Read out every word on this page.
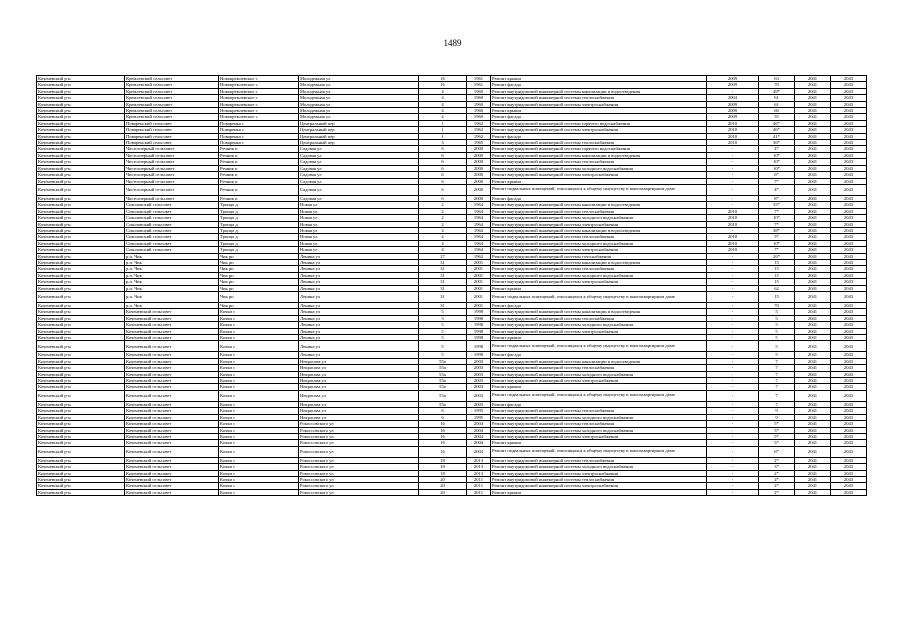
1489
Коченевский р-н	Кремлевский сельсовет	Новокремлевское с	Молодежная ул	16	1961	Ремонт крыши	2009	63	2041	2043
Коченевский р-н	Кремлевский сельсовет	Новокремлевское с	Молодежная ул	16	1961	Ремонт фасада	2009	70	2041	2043
Коченевский р-н	Кремлевский сельсовет	Новокремлевское с	Молодежная ул	4	1960	Ремонт внутридомовой инженерной системы канализации и водоотведения	-	49*	2041	2043
Коченевский р-н	Кремлевский сельсовет	Новокремлевское с	Молодежная ул	4	1960	Ремонт внутридомовой инженерной системы теплоснабжения	2004	61	2041	2043
Коченевский р-н	Кремлевский сельсовет	Новокремлевское с	Молодежная ул	4	1960	Ремонт внутридомовой инженерной системы электроснабжения	2009	61	2041	2043
Коченевский р-н	Кремлевский сельсовет	Новокремлевское с	Молодежная ул	4	1960	Ремонт крыши	2009	60	2041	2043
Коченевский р-н	Кремлевский сельсовет	Новокремлевское с	Молодежная ул	4	1960	Ремонт фасада	2009	55	2041	2043
Коченевский р-н	Поваренский сельсовет	Поваренка с	Центральный пер	1	1962	Ремонт внутридомовой инженерной системы горячего водоснабжения	2010	46*	2041	2043
Коченевский р-н	Поваренский сельсовет	Поваренка с	Центральный пер	1	1962	Ремонт внутридомовой инженерной системы электроснабжения	2010	46*	2041	2043
Коченевский р-н	Поваренский сельсовет	Поваренка с	Центральный пер	1	1962	Ремонт фасада	2010	41*	2041	2043
Коченевский р-н	Поваренский сельсовет	Поваренка с	Центральный пер	3	1965	Ремонт внутридомовой инженерной системы теплоснабжения	2010	36*	2041	2043
Коченевский р-н	Чистоозерный сельсовет	Речник п	Садовая ул	6	2000	Ремонт внутридомовой инженерной системы горячего водоснабжения	-	4*	2041	2043
Коченевский р-н	Чистоозерный сельсовет	Речник п	Садовая ул	6	2000	Ремонт внутридомовой инженерной системы канализации и водоотведения	-	10*	2041	2043
Коченевский р-н	Чистоозерный сельсовет	Речник п	Садовая ул	6	2000	Ремонт внутридомовой инженерной системы теплоснабжения	-	10*	2041	2043
Коченевский р-н	Чистоозерный сельсовет	Речник п	Садовая ул	6	2000	Ремонт внутридомовой инженерной системы холодного водоснабжения	-	10*	2041	2043
Коченевский р-н	Чистоозерный сельсовет	Речник п	Садовая ул	6	2000	Ремонт внутридомовой инженерной системы электроснабжения	-	6*	2041	2043
Коченевский р-н	Чистоозерный сельсовет	Речник п	Садовая ул	6	2000	Ремонт крыши	-	7*	2041	2043
Коченевский р-н	Чистоозерный сельсовет	Речник п	Садовая ул	6	2000	Ремонт подвальных помещений, относящихся к общему имуществу в многоквартирном доме	-	4*	2041	2043
Коченевский р-н	Чистоозерный сельсовет	Речник п	Садовая ул	6	2000	Ремонт фасада	-	8*	2041	2043
Коченевский р-н	Соколовский сельсовет	Троица д	Новая ул	2	1964	Ремонт внутридомовой инженерной системы канализации и водоотведения	-	35*	2041	2043
Коченевский р-н	Соколовский сельсовет	Троица д	Новая ул	2	1964	Ремонт внутридомовой инженерной системы теплоснабжения	2010	7*	2041	2043
Коченевский р-н	Соколовский сельсовет	Троица д	Новая ул	2	1964	Ремонт внутридомовой инженерной системы холодного водоснабжения	2010	10*	2041	2043
Коченевский р-н	Соколовский сельсовет	Троица д	Новая ул	2	1964	Ремонт внутридомовой инженерной системы электроснабжения	2010	7*	2041	2043
Коченевский р-н	Соколовский сельсовет	Троица д	Новая ул	4	1964	Ремонт внутридомовой инженерной системы канализации и водоотведения	-	38*	2041	2043
Коченевский р-н	Соколовский сельсовет	Троица д	Новая ул	4	1964	Ремонт внутридомовой инженерной системы теплоснабжения	2010	5*	2041	2043
Коченевский р-н	Соколовский сельсовет	Троица д	Новая ул	4	1964	Ремонт внутридомовой инженерной системы холодного водоснабжения	2010	10*	2041	2043
Коченевский р-н	Соколовский сельсовет	Троица д	Новая ул	4	1964	Ремонт внутридомовой инженерной системы электроснабжения	2010	7*	2041	2043
Коченевский р-н	р.п. Чик	Чик рп	Ленина ул	27	1962	Ремонт внутридомовой инженерной системы газоснабжения	-	26*	2041	2043
Коченевский р-н	р.п. Чик	Чик рп	Ленина ул	31	2001	Ремонт внутридомовой инженерной системы канализации и водоотведения	-	15	2041	2043
Коченевский р-н	р.п. Чик	Чик рп	Ленина ул	31	2001	Ремонт внутридомовой инженерной системы теплоснабжения	-	15	2041	2043
Коченевский р-н	р.п. Чик	Чик рп	Ленина ул	31	2001	Ремонт внутридомовой инженерной системы холодного водоснабжения	-	15	2041	2043
Коченевский р-н	р.п. Чик	Чик рп	Ленина ул	31	2001	Ремонт внутридомовой инженерной системы электроснабжения	-	15	2041	2043
Коченевский р-н	р.п. Чик	Чик рп	Ленина ул	31	2001	Ремонт крыши	-	62	2041	2043
Коченевский р-н	р.п. Чик	Чик рп	Ленина ул	31	2001	Ремонт подвальных помещений, относящихся к общему имуществу в многоквартирном доме	-	15	2041	2043
Коченевский р-н	р.п. Чик	Чик рп	Ленина ул	31	2001	Ремонт фасада	-	70	2041	2043
Коченевский р-н	Коченевский сельсовет	Кочки с	Ленина ул	5	1998	Ремонт внутридомовой инженерной системы канализации и водоотведения	-	5	2041	2043
Коченевский р-н	Коченевский сельсовет	Кочки с	Ленина ул	5	1998	Ремонт внутридомовой инженерной системы теплоснабжения	-	5	2041	2043
Коченевский р-н	Коченевский сельсовет	Кочки с	Ленина ул	5	1998	Ремонт внутридомовой инженерной системы холодного водоснабжения	-	5	2041	2043
Коченевский р-н	Коченевский сельсовет	Кочки с	Ленина ул	5	1998	Ремонт внутридомовой инженерной системы электроснабжения	-	5	2041	2043
Коченевский р-н	Коченевский сельсовет	Кочки с	Ленина ул	5	1998	Ремонт крыши	-	5	2041	2043
Коченевский р-н	Коченевский сельсовет	Кочки с	Ленина ул	5	1998	Ремонт подвальных помещений, относящихся к общему имуществу в многоквартирном доме	-	5	2041	2043
Коченевский р-н	Коченевский сельсовет	Кочки с	Ленина ул	5	1998	Ремонт фасада	-	5	2041	2043
Коченевский р-н	Коченевский сельсовет	Кочки с	Некрасова ул	55а	2003	Ремонт внутридомовой инженерной системы канализации и водоотведения	-	7	2041	2043
Коченевский р-н	Коченевский сельсовет	Кочки с	Некрасова ул	55а	2003	Ремонт внутридомовой инженерной системы теплоснабжения	-	7	2041	2043
Коченевский р-н	Коченевский сельсовет	Кочки с	Некрасова ул	55а	2003	Ремонт внутридомовой инженерной системы холодного водоснабжения	-	7	2041	2043
Коченевский р-н	Коченевский сельсовет	Кочки с	Некрасова ул	55а	2003	Ремонт внутридомовой инженерной системы электроснабжения	-	7	2041	2043
Коченевский р-н	Коченевский сельсовет	Кочки с	Некрасова ул	55а	2003	Ремонт крыши	-	7	2041	2043
Коченевский р-н	Коченевский сельсовет	Кочки с	Некрасова ул	55а	2003	Ремонт подвальных помещений, относящихся к общему имуществу в многоквартирном доме	-	7	2041	2043
Коченевский р-н	Коченевский сельсовет	Кочки с	Некрасова ул	55а	2003	Ремонт фасада	-	7	2041	2043
Коченевский р-н	Коченевский сельсовет	Кочки с	Некрасова ул	6	1995	Ремонт внутридомовой инженерной системы теплоснабжения	-	9	2041	2043
Коченевский р-н	Коченевский сельсовет	Кочки с	Некрасова ул	6	1995	Ремонт внутридомовой инженерной системы холодного водоснабжения	-	9	2041	2043
Коченевский р-н	Коченевский сельсовет	Кочки с	Рокоссовского ул	16	2004	Ремонт внутридомовой инженерной системы теплоснабжения	-	5*	2041	2043
Коченевский р-н	Коченевский сельсовет	Кочки с	Рокоссовского ул	16	2004	Ремонт внутридомовой инженерной системы холодного водоснабжения	-	5*	2041	2043
Коченевский р-н	Коченевский сельсовет	Кочки с	Рокоссовского ул	16	2004	Ремонт внутридомовой инженерной системы электроснабжения	-	5*	2041	2043
Коченевский р-н	Коченевский сельсовет	Кочки с	Рокоссовского ул	16	2004	Ремонт крыши	-	5*	2041	2043
Коченевский р-н	Коченевский сельсовет	Кочки с	Рокоссовского ул	16	2004	Ремонт подвальных помещений, относящихся к общему имуществу в многоквартирном доме	-	6*	2041	2043
Коченевский р-н	Коченевский сельсовет	Кочки с	Рокоссовского ул	18	2013	Ремонт внутридомовой инженерной системы теплоснабжения	-	2*	2041	2043
Коченевский р-н	Коченевский сельсовет	Кочки с	Рокоссовского ул	18	2013	Ремонт внутридомовой инженерной системы холодного водоснабжения	-	3*	2041	2043
Коченевский р-н	Коченевский сельсовет	Кочки с	Рокоссовского ул	18	2013	Ремонт внутридомовой инженерной системы электроснабжения	-	2*	2041	2043
Коченевский р-н	Коченевский сельсовет	Кочки с	Рокоссовского ул	20	2011	Ремонт внутридомовой инженерной системы теплоснабжения	-	2*	2041	2043
Коченевский р-н	Коченевский сельсовет	Кочки с	Рокоссовского ул	20	2011	Ремонт внутридомовой инженерной системы электроснабжения	-	2*	2041	2043
Коченевский р-н	Коченевский сельсовет	Кочки с	Рокоссовского ул	20	2011	Ремонт крыши	-	2*	2041	2043
